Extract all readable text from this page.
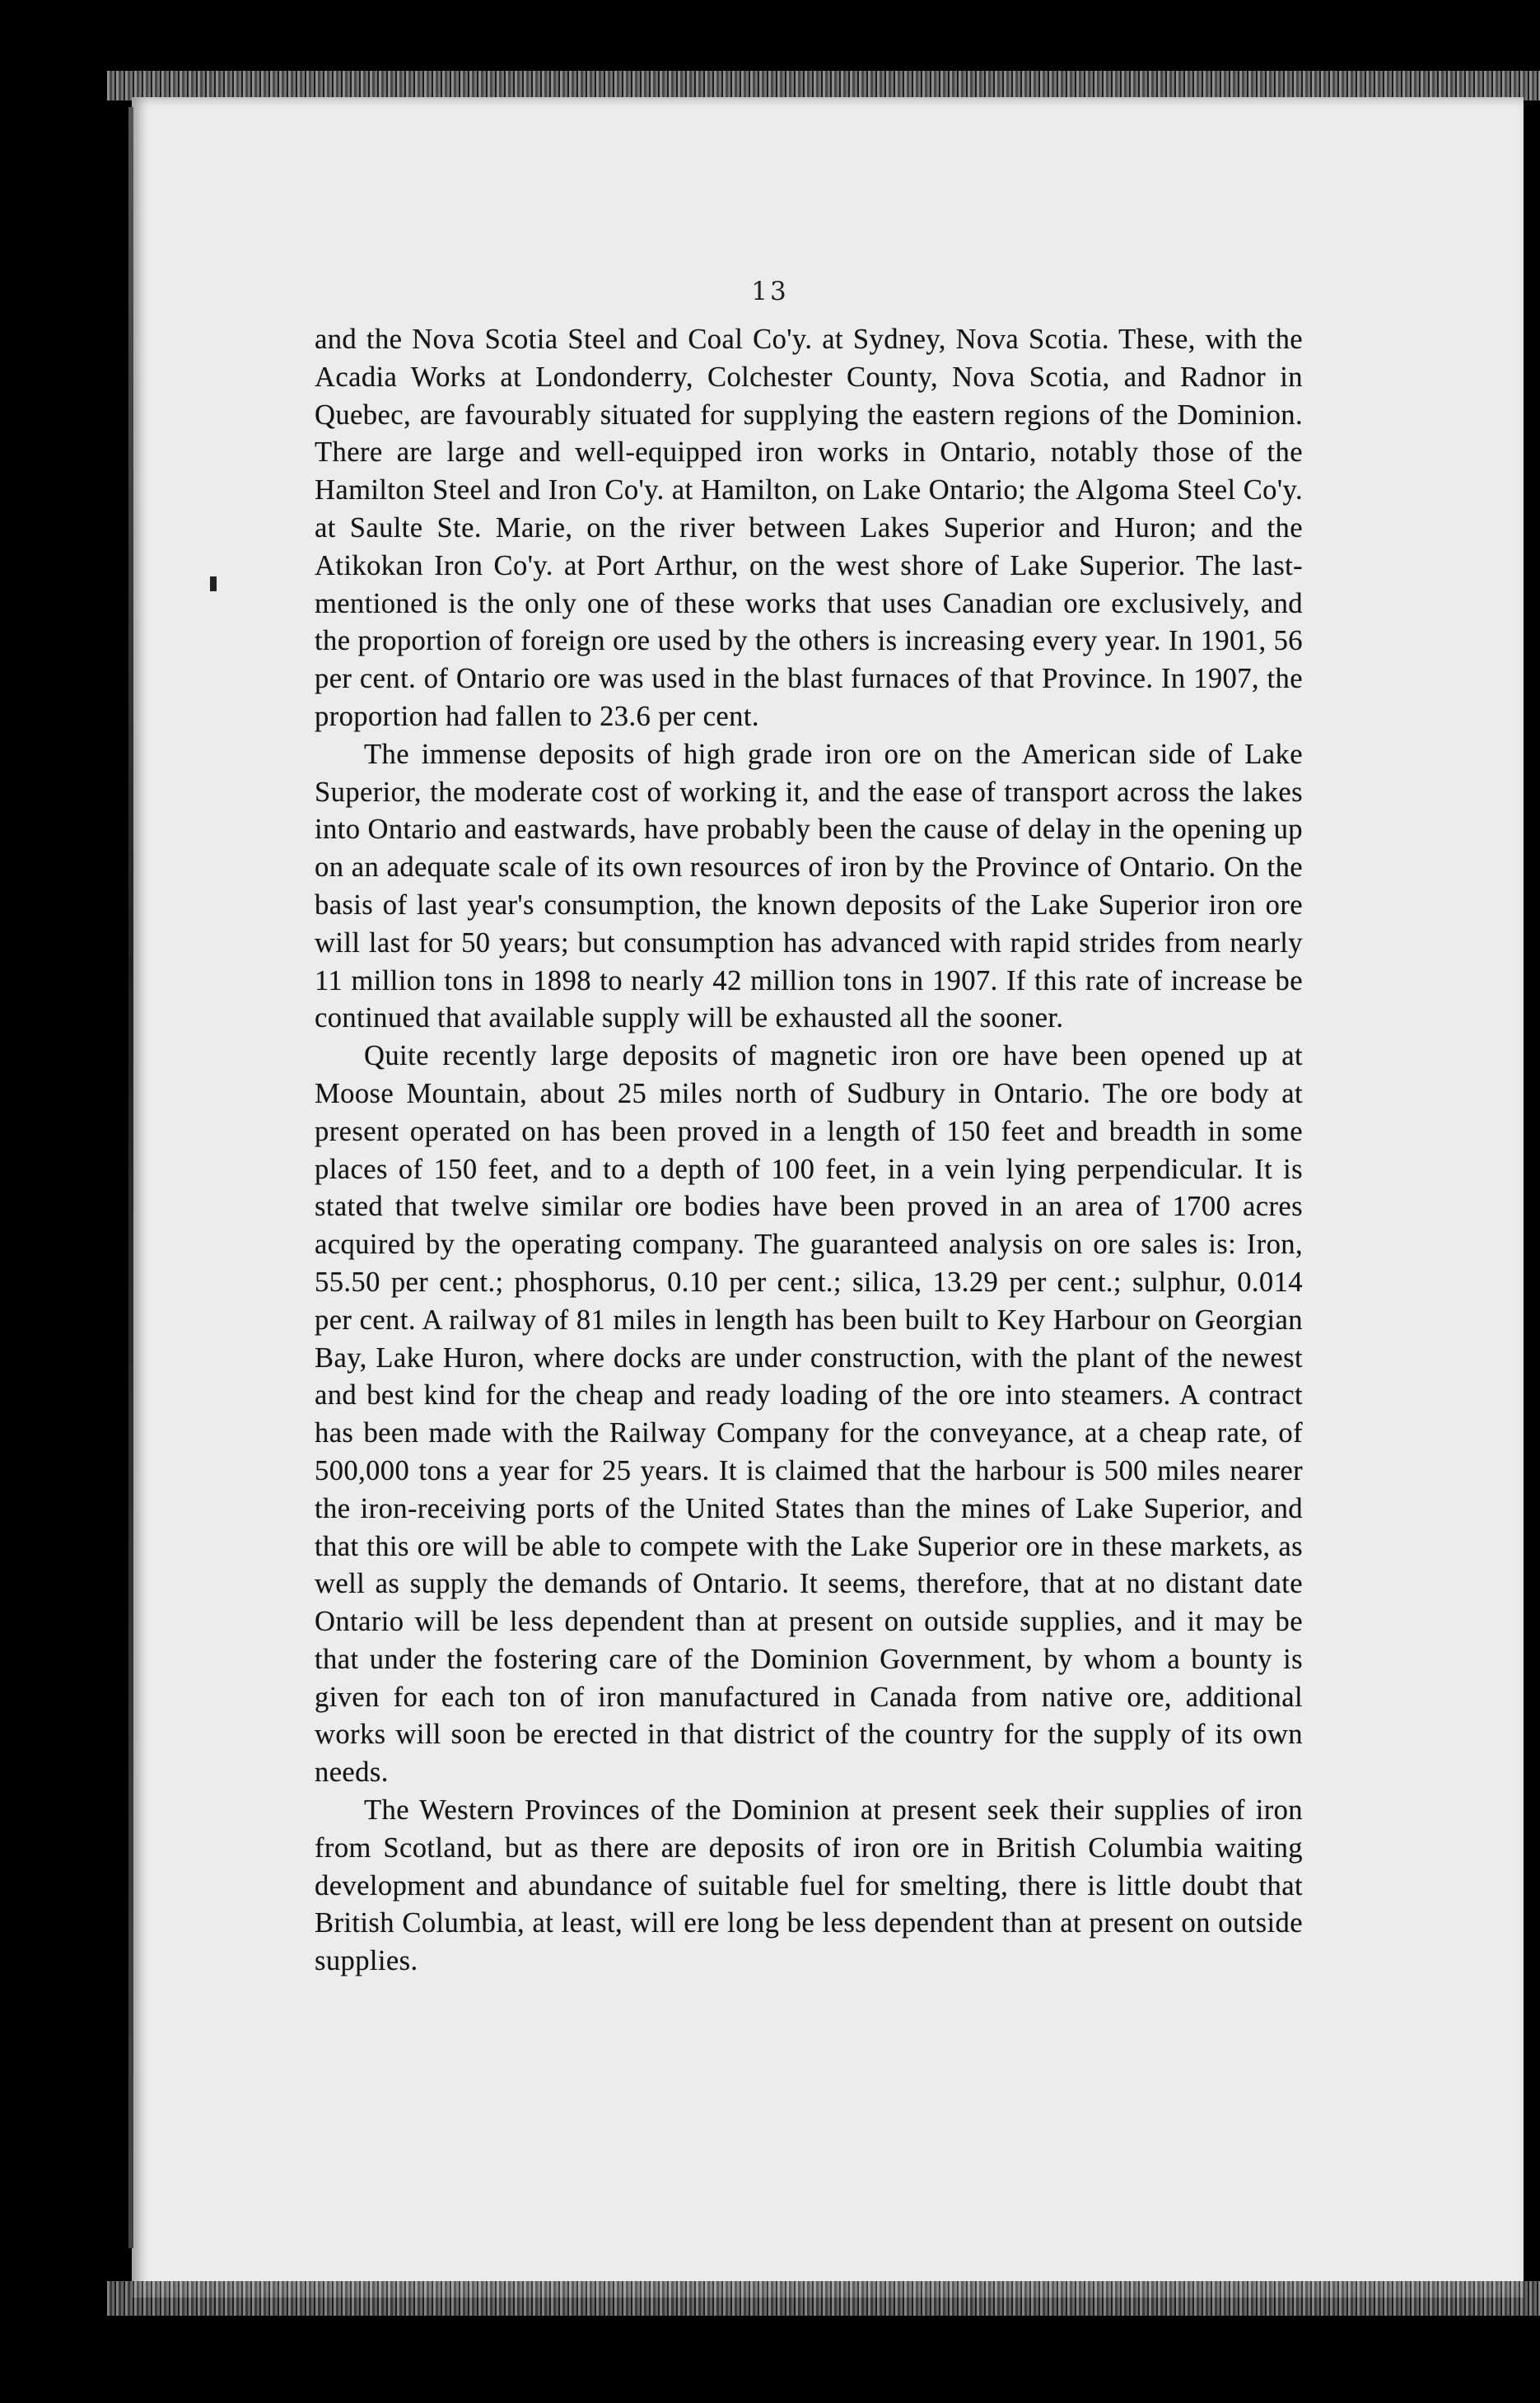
13

and the Nova Scotia Steel and Coal Co'y. at Sydney, Nova Scotia. These, with the Acadia Works at Londonderry, Colchester County, Nova Scotia, and Radnor in Quebec, are favourably situated for supplying the eastern regions of the Dominion. There are large and well-equipped iron works in Ontario, notably those of the Hamilton Steel and Iron Co'y. at Hamilton, on Lake Ontario; the Algoma Steel Co'y. at Saulte Ste. Marie, on the river between Lakes Superior and Huron; and the Atikokan Iron Co'y. at Port Arthur, on the west shore of Lake Superior. The last-mentioned is the only one of these works that uses Canadian ore exclusively, and the proportion of foreign ore used by the others is increasing every year. In 1901, 56 per cent. of Ontario ore was used in the blast furnaces of that Province. In 1907, the proportion had fallen to 23.6 per cent.

The immense deposits of high grade iron ore on the American side of Lake Superior, the moderate cost of working it, and the ease of transport across the lakes into Ontario and eastwards, have probably been the cause of delay in the opening up on an adequate scale of its own resources of iron by the Province of Ontario. On the basis of last year's consumption, the known deposits of the Lake Superior iron ore will last for 50 years; but consumption has advanced with rapid strides from nearly 11 million tons in 1898 to nearly 42 million tons in 1907. If this rate of increase be continued that available supply will be exhausted all the sooner.

Quite recently large deposits of magnetic iron ore have been opened up at Moose Mountain, about 25 miles north of Sudbury in Ontario. The ore body at present operated on has been proved in a length of 150 feet and breadth in some places of 150 feet, and to a depth of 100 feet, in a vein lying perpendicular. It is stated that twelve similar ore bodies have been proved in an area of 1700 acres acquired by the operating company. The guaranteed analysis on ore sales is: Iron, 55.50 per cent.; phosphorus, 0.10 per cent.; silica, 13.29 per cent.; sulphur, 0.014 per cent. A railway of 81 miles in length has been built to Key Harbour on Georgian Bay, Lake Huron, where docks are under construction, with the plant of the newest and best kind for the cheap and ready loading of the ore into steamers. A contract has been made with the Railway Company for the conveyance, at a cheap rate, of 500,000 tons a year for 25 years. It is claimed that the harbour is 500 miles nearer the iron-receiving ports of the United States than the mines of Lake Superior, and that this ore will be able to compete with the Lake Superior ore in these markets, as well as supply the demands of Ontario. It seems, therefore, that at no distant date Ontario will be less dependent than at present on outside supplies, and it may be that under the fostering care of the Dominion Government, by whom a bounty is given for each ton of iron manufactured in Canada from native ore, additional works will soon be erected in that district of the country for the supply of its own needs.

The Western Provinces of the Dominion at present seek their supplies of iron from Scotland, but as there are deposits of iron ore in British Columbia waiting development and abundance of suitable fuel for smelting, there is little doubt that British Columbia, at least, will ere long be less dependent than at present on outside supplies.
